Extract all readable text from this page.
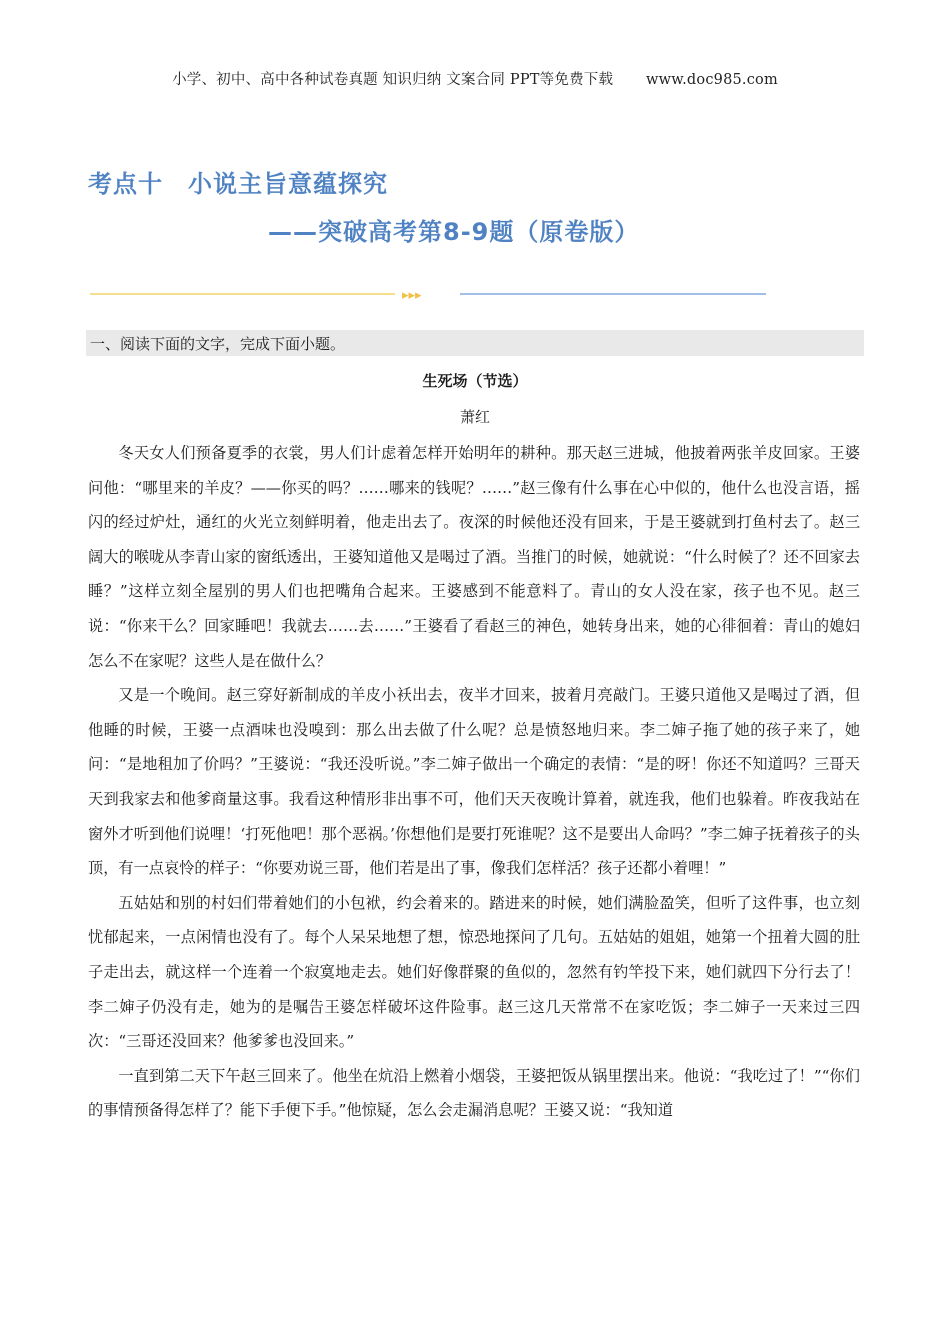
小学、初中、高中各种试卷真题 知识归纳 文案合同 PPT等免费下载 www.doc985.com
考点十　小说主旨意蕴探究
——突破高考第8-9题（原卷版）
▸▸▸
一、阅读下面的文字，完成下面小题。
生死场（节选）
萧红

冬天女人们预备夏季的衣裳，男人们计虑着怎样开始明年的耕种。那天赵三进城，他披着两张羊皮回家。王婆问他：“哪里来的羊皮？——你买的吗？……哪来的钱呢？……”赵三像有什么事在心中似的，他什么也没言语，摇闪的经过炉灶，通红的火光立刻鲜明着，他走出去了。夜深的时候他还没有回来，于是王婆就到打鱼村去了。赵三阔大的喉咙从李青山家的窗纸透出，王婆知道他又是喝过了酒。当推门的时候，她就说：“什么时候了？还不回家去睡？”这样立刻全屋别的男人们也把嘴角合起来。王婆感到不能意料了。青山的女人没在家，孩子也不见。赵三说：“你来干么？回家睡吧！我就去……去……”王婆看了看赵三的神色，她转身出来，她的心徘徊着：青山的媳妇怎么不在家呢？这些人是在做什么？

又是一个晚间。赵三穿好新制成的羊皮小袄出去，夜半才回来，披着月亮敲门。王婆只道他又是喝过了酒，但他睡的时候，王婆一点酒味也没嗅到：那么出去做了什么呢？总是愤怒地归来。李二婶子拖了她的孩子来了，她问：“是地租加了价吗？”王婆说：“我还没听说。”李二婶子做出一个确定的表情：“是的呀！你还不知道吗？三哥天天到我家去和他爹商量这事。我看这种情形非出事不可，他们天天夜晚计算着，就连我，他们也躲着。昨夜我站在窗外才听到他们说哩！‘打死他吧！那个恶祸。’你想他们是要打死谁呢？这不是要出人命吗？”李二婶子抚着孩子的头顶，有一点哀怜的样子：“你要劝说三哥，他们若是出了事，像我们怎样活？孩子还都小着哩！”

五姑姑和别的村妇们带着她们的小包袱，约会着来的。踏进来的时候，她们满脸盈笑，但听了这件事，也立刻忧郁起来，一点闲情也没有了。每个人呆呆地想了想，惊恐地探问了几句。五姑姑的姐姐，她第一个扭着大圆的肚子走出去，就这样一个连着一个寂寞地走去。她们好像群聚的鱼似的，忽然有钓竿投下来，她们就四下分行去了！李二婶子仍没有走，她为的是嘱告王婆怎样破坏这件险事。赵三这几天常常不在家吃饭；李二婶子一天来过三四次：“三哥还没回来？他爹爹也没回来。”

一直到第二天下午赵三回来了。他坐在炕沿上燃着小烟袋，王婆把饭从锅里摆出来。他说：“我吃过了！”“你们的事情预备得怎样了？能下手便下手。”他惊疑，怎么会走漏消息呢？王婆又说：“我知道
